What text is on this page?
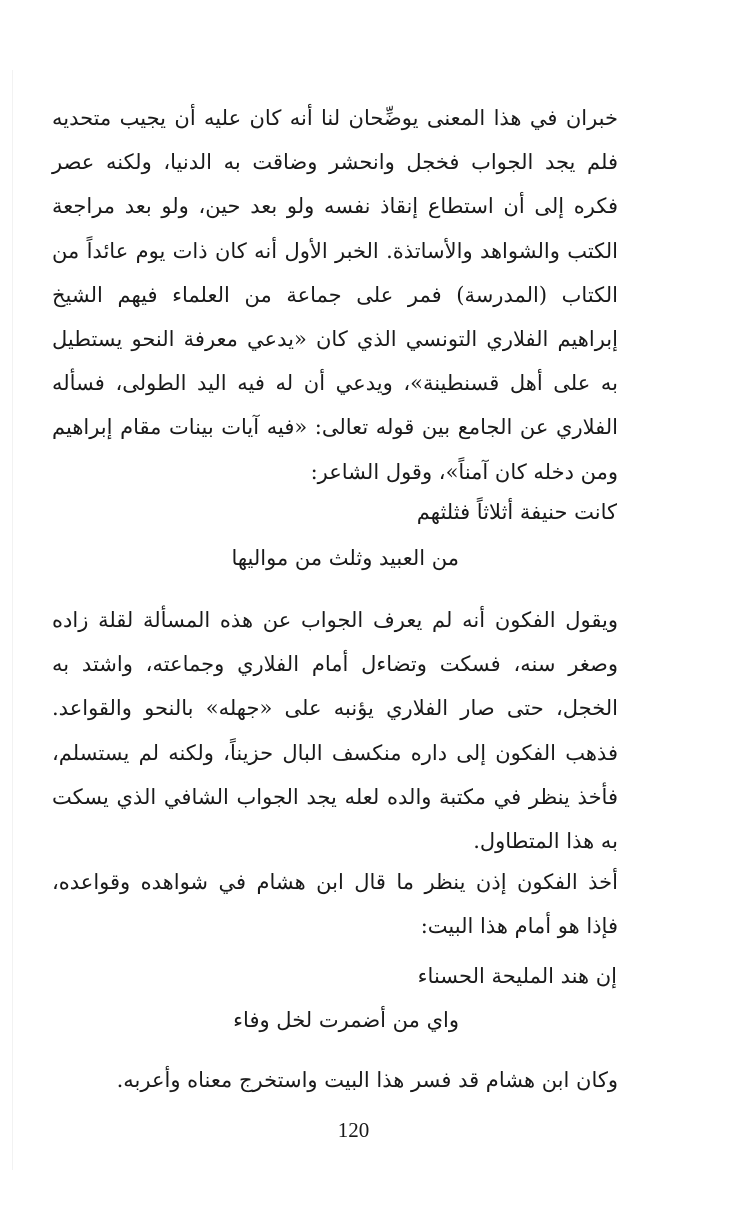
خبران في هذا المعنى يوضِّحان لنا أنه كان عليه أن يجيب متحديه فلم يجد الجواب فخجل وانحشر وضاقت به الدنيا، ولكنه عصر فكره إلى أن استطاع إنقاذ نفسه ولو بعد حين، ولو بعد مراجعة الكتب والشواهد والأساتذة. الخبر الأول أنه كان ذات يوم عائداً من الكتاب (المدرسة) فمر على جماعة من العلماء فيهم الشيخ إبراهيم الفلاري التونسي الذي كان «يدعي معرفة النحو يستطيل به على أهل قسنطينة»، ويدعي أن له فيه اليد الطولى، فسأله الفلاري عن الجامع بين قوله تعالى: «فيه آيات بينات مقام إبراهيم ومن دخله كان آمناً»، وقول الشاعر:

كانت حنيفة أثلاثاً فثلثهم

من العبيد وثلث من مواليها

ويقول الفكون أنه لم يعرف الجواب عن هذه المسألة لقلة زاده وصغر سنه، فسكت وتضاءل أمام الفلاري وجماعته، واشتد به الخجل، حتى صار الفلاري يؤنبه على «جهله» بالنحو والقواعد. فذهب الفكون إلى داره منكسف البال حزيناً، ولكنه لم يستسلم، فأخذ ينظر في مكتبة والده لعله يجد الجواب الشافي الذي يسكت به هذا المتطاول.

أخذ الفكون إذن ينظر ما قال ابن هشام في شواهده وقواعده، فإذا هو أمام هذا البيت:

إن هند المليحة الحسناء

واي من أضمرت لخل وفاء

وكان ابن هشام قد فسر هذا البيت واستخرج معناه وأعربه.

120
